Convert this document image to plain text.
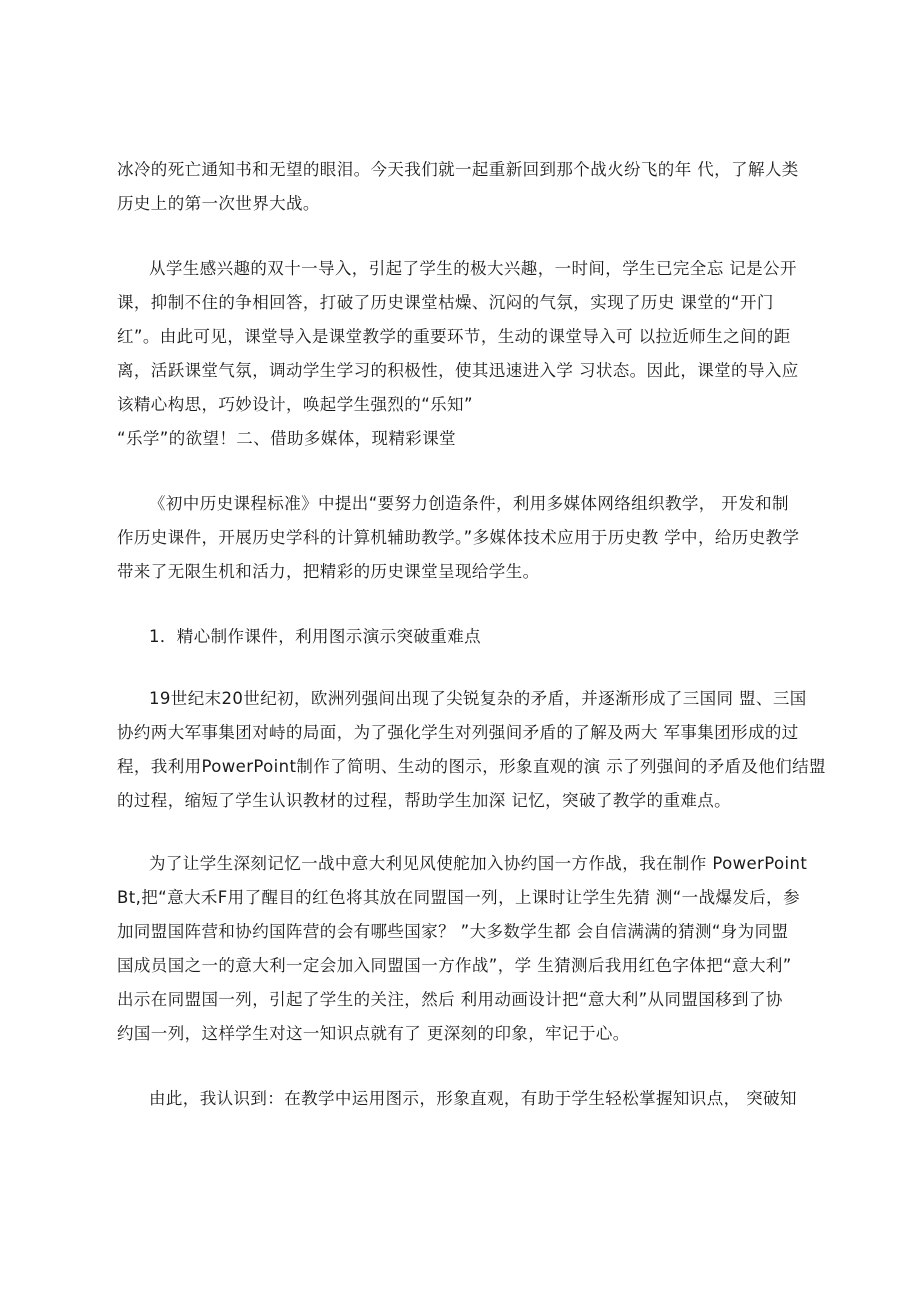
冰冷的死亡通知书和无望的眼泪。今天我们就一起重新回到那个战火纷飞的年 代，了解人类
历史上的第一次世界大战。
从学生感兴趣的双十一导入，引起了学生的极大兴趣，一时间，学生已完全忘 记是公开
课，抑制不住的争相回答，打破了历史课堂枯燥、沉闷的气氛，实现了历史 课堂的“开门
红”。由此可见，课堂导入是课堂教学的重要环节，生动的课堂导入可 以拉近师生之间的距
离，活跃课堂气氛，调动学生学习的积极性，使其迅速进入学 习状态。因此，课堂的导入应
该精心构思，巧妙设计，唤起学生强烈的“乐知”
“乐学”的欲望！二、借助多媒体，现精彩课堂
《初中历史课程标准》中提出“要努力创造条件，利用多媒体网络组织教学， 开发和制
作历史课件，开展历史学科的计算机辅助教学。”多媒体技术应用于历史教 学中，给历史教学
带来了无限生机和活力，把精彩的历史课堂呈现给学生。
1．精心制作课件，利用图示演示突破重难点
19世纪末20世纪初，欧洲列强间出现了尖锐复杂的矛盾，并逐渐形成了三国同 盟、三国
协约两大军事集团对峙的局面，为了强化学生对列强间矛盾的了解及两大 军事集团形成的过
程，我利用PowerPoint制作了简明、生动的图示，形象直观的演 示了列强间的矛盾及他们结盟
的过程，缩短了学生认识教材的过程，帮助学生加深 记忆，突破了教学的重难点。
为了让学生深刻记忆一战中意大利见风使舵加入协约国一方作战，我在制作 PowerPoint
Bt,把“意大禾F用了醒目的红色将其放在同盟国一列，上课时让学生先猜 测“一战爆发后，参
加同盟国阵营和协约国阵营的会有哪些国家？ ”大多数学生都 会自信满满的猜测“身为同盟
国成员国之一的意大利一定会加入同盟国一方作战”，学 生猜测后我用红色字体把“意大利”
出示在同盟国一列，引起了学生的关注，然后 利用动画设计把“意大利”从同盟国移到了协
约国一列，这样学生对这一知识点就有了 更深刻的印象，牢记于心。
由此，我认识到：在教学中运用图示，形象直观，有助于学生轻松掌握知识点， 突破知
